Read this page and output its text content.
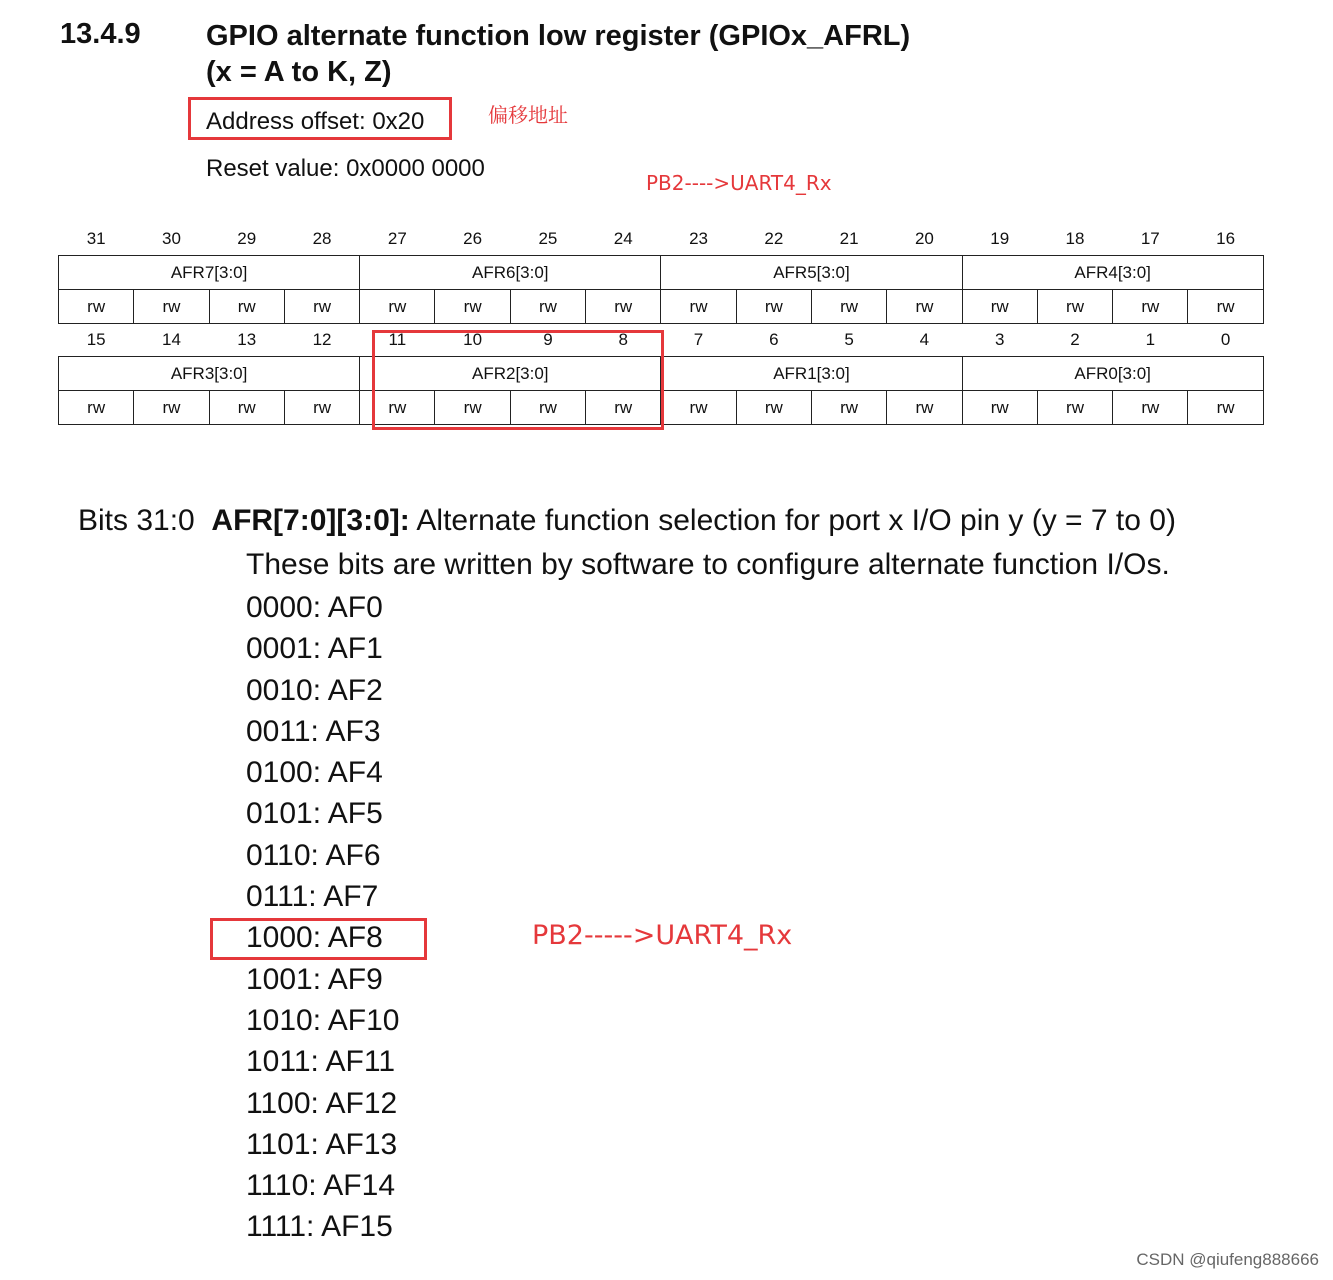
13.4.9 GPIO alternate function low register (GPIOx_AFRL)
(x = A to K, Z)
Address offset: 0x20	偏移地址
Reset value: 0x0000 0000
PB2---->UART4_Rx
31	30	29	28	27	26	25	24	23	22	21	20	19	18	17	16
AFR7[3:0]				AFR6[3:0]				AFR5[3:0]				AFR4[3:0]			
rw	rw	rw	rw	rw	rw	rw	rw	rw	rw	rw	rw	rw	rw	rw	rw
15	14	13	12	11	10	9	8	7	6	5	4	3	2	1	0
AFR3[3:0]				AFR2[3:0]				AFR1[3:0]				AFR0[3:0]			
rw	rw	rw	rw	rw	rw	rw	rw	rw	rw	rw	rw	rw	rw	rw	rw
Bits 31:0 AFR[7:0][3:0]: Alternate function selection for port x I/O pin y (y = 7 to 0)
These bits are written by software to configure alternate function I/Os.
0000: AF0
0001: AF1
0010: AF2
0011: AF3
0100: AF4
0101: AF5
0110: AF6
0111: AF7
1000: AF8
1001: AF9
1010: AF10
1011: AF11
1100: AF12
1101: AF13
1110: AF14
1111: AF15
PB2----->UART4_Rx
CSDN @qiufeng888666
